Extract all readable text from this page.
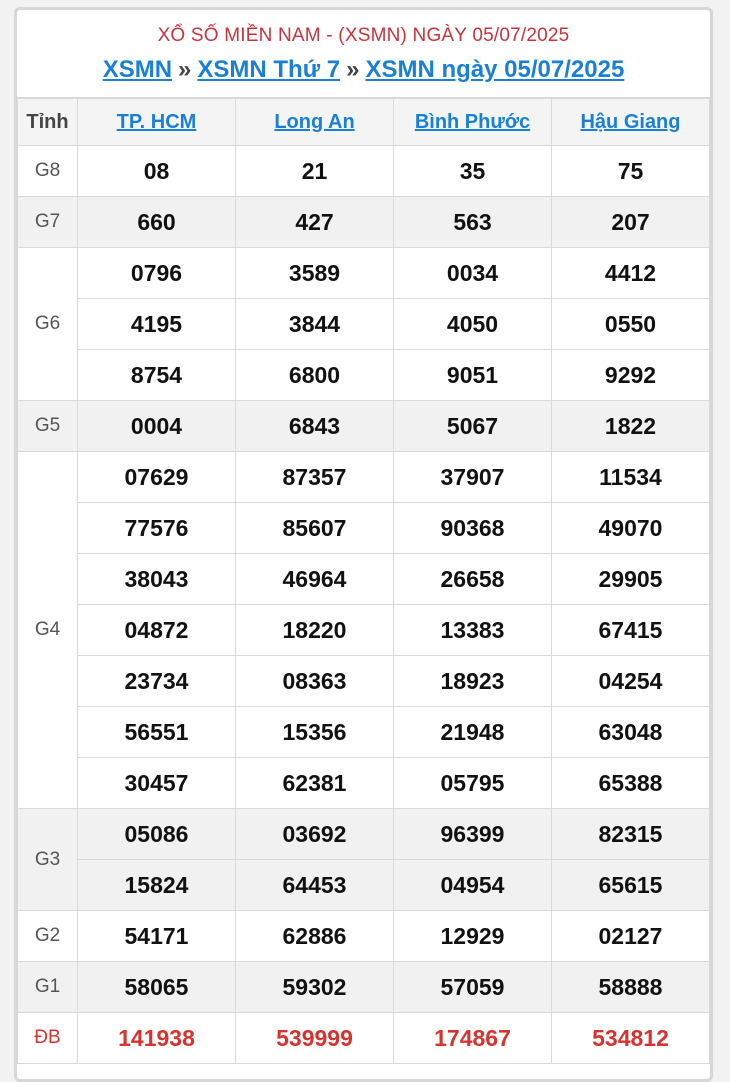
XỔ SỐ MIỀN NAM - (XSMN) NGÀY 05/07/2025
XSMN » XSMN Thứ 7 » XSMN ngày 05/07/2025
Tỉnh	TP. HCM	Long An	Bình Phước	Hậu Giang
G8	08	21	35	75
G7	660	427	563	207
G6	0796	3589	0034	4412
	4195	3844	4050	0550
	8754	6800	9051	9292
G5	0004	6843	5067	1822
G4	07629	87357	37907	11534
	77576	85607	90368	49070
	38043	46964	26658	29905
	04872	18220	13383	67415
	23734	08363	18923	04254
	56551	15356	21948	63048
	30457	62381	05795	65388
G3	05086	03692	96399	82315
	15824	64453	04954	65615
G2	54171	62886	12929	02127
G1	58065	59302	57059	58888
ĐB	141938	539999	174867	534812
